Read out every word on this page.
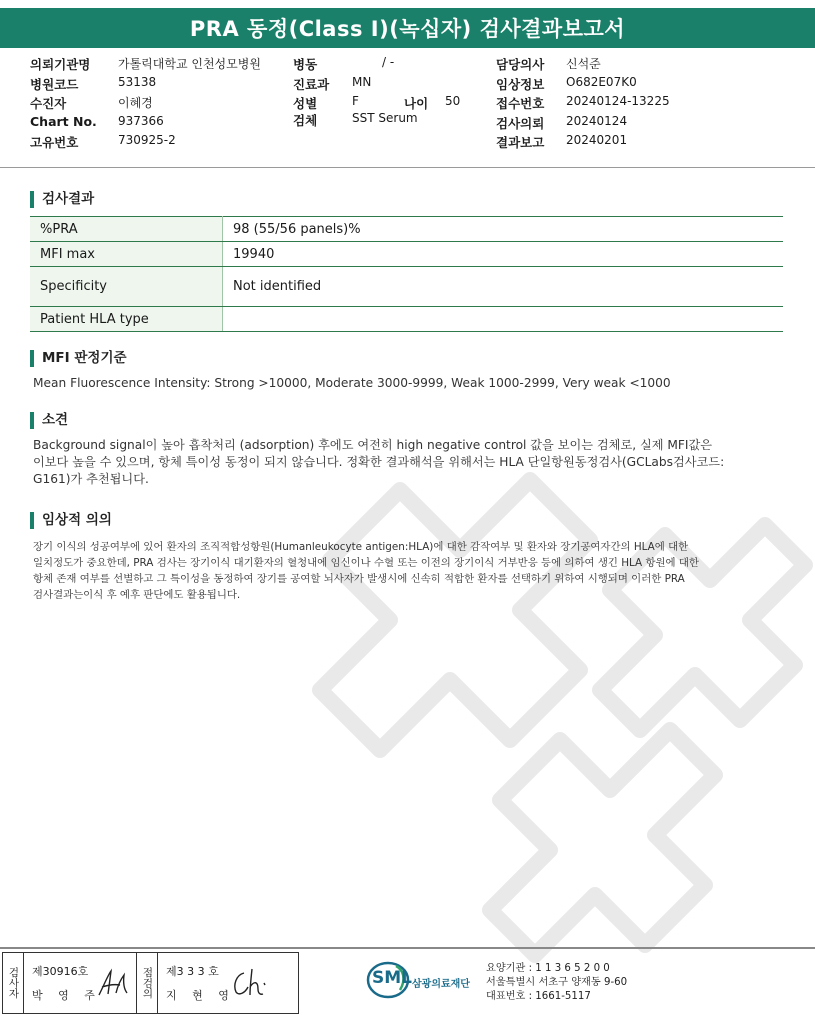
PRA 동정(Class I)(녹십자) 검사결과보고서
의뢰기관명 가톨릭대학교 인천성모병원	병동	/ -	담당의사 신석준
병원코드	53138	진료과 MN	임상정보 O682E07K0
수진자	이혜경	성별	F	나이 50	접수번호 20240124-13225
Chart No. 937366	검체	SST Serum	검사의뢰 20240124
고유번호	730925-2	결과보고 20240201
검사결과
%PRA	98 (55/56 panels)%
MFI max	19940
Specificity	Not identified
Patient HLA type	
MFI 판정기준
Mean Fluorescence Intensity: Strong >10000, Moderate 3000-9999, Weak 1000-2999, Very weak <1000
소견
Background signal이 높아 흡착처리 (adsorption) 후에도 여전히 high negative control 값을 보이는 검체로, 실제 MFI값은
이보다 높을 수 있으며, 항체 특이성 동정이 되지 않습니다. 정확한 결과해석을 위해서는 HLA 단일항원동정검사(GCLabs검사코드:
G161)가 추천됩니다.
임상적 의의
장기 이식의 성공여부에 있어 환자의 조직적합성항원(Humanleukocyte antigen:HLA)에 대한 감작여부 및 환자와 장기공여자간의 HLA에 대한
일치정도가 중요한데, PRA 검사는 장기이식 대기환자의 혈청내에 임신이나 수혈 또는 이전의 장기이식 거부반응 등에 의하여 생긴 HLA 항원에 대한
항체 존재 여부를 선별하고 그 특이성을 동정하여 장기를 공여할 뇌사자가 발생시에 신속히 적합한 환자를 선택하기 위하여 시행되며 이러한 PRA
검사결과는이식 후 예후 판단에도 활용됩니다.
검사자 제30916호
박 영 주	점검의 제3 3 3 호
지 현 영
SML 삼광의료재단
요양기관 : 1 1 3 6 5 2 0 0
서울특별시 서초구 양재동 9-60
대표번호 : 1661-5117
